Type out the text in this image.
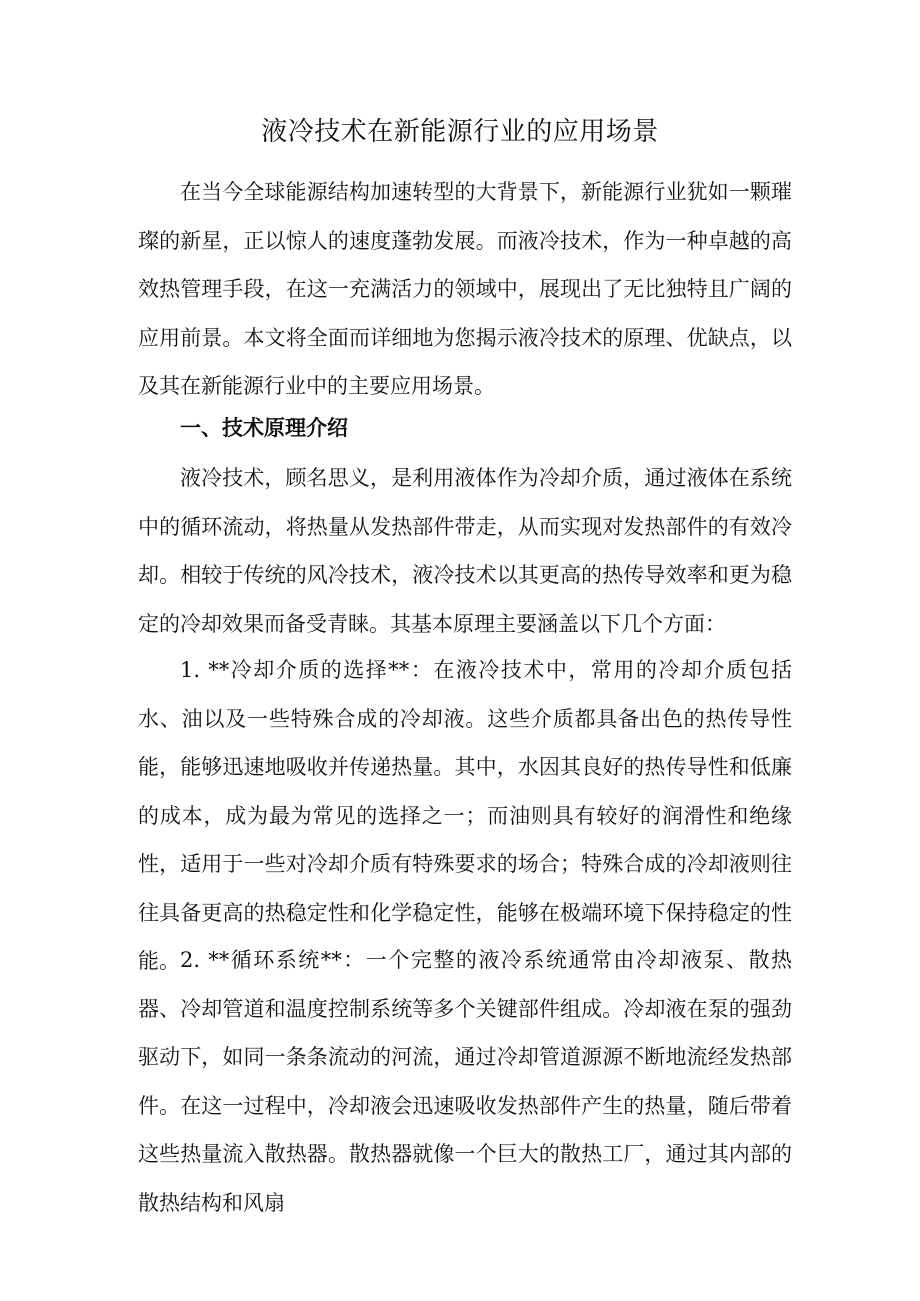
液冷技术在新能源行业的应用场景

在当今全球能源结构加速转型的大背景下，新能源行业犹如一颗璀璨的新星，正以惊人的速度蓬勃发展。而液冷技术，作为一种卓越的高效热管理手段，在这一充满活力的领域中，展现出了无比独特且广阔的应用前景。本文将全面而详细地为您揭示液冷技术的原理、优缺点，以及其在新能源行业中的主要应用场景。

一、技术原理介绍

液冷技术，顾名思义，是利用液体作为冷却介质，通过液体在系统中的循环流动，将热量从发热部件带走，从而实现对发热部件的有效冷却。相较于传统的风冷技术，液冷技术以其更高的热传导效率和更为稳定的冷却效果而备受青睐。其基本原理主要涵盖以下几个方面：

1. **冷却介质的选择**：在液冷技术中，常用的冷却介质包括水、油以及一些特殊合成的冷却液。这些介质都具备出色的热传导性能，能够迅速地吸收并传递热量。其中，水因其良好的热传导性和低廉的成本，成为最为常见的选择之一；而油则具有较好的润滑性和绝缘性，适用于一些对冷却介质有特殊要求的场合；特殊合成的冷却液则往往具备更高的热稳定性和化学稳定性，能够在极端环境下保持稳定的性能。 2. **循环系统**：一个完整的液冷系统通常由冷却液泵、散热器、冷却管道和温度控制系统等多个关键部件组成。冷却液在泵的强劲驱动下，如同一条条流动的河流，通过冷却管道源源不断地流经发热部件。在这一过程中，冷却液会迅速吸收发热部件产生的热量，随后带着这些热量流入散热器。散热器就像一个巨大的散热工厂，通过其内部的散热结构和风扇
